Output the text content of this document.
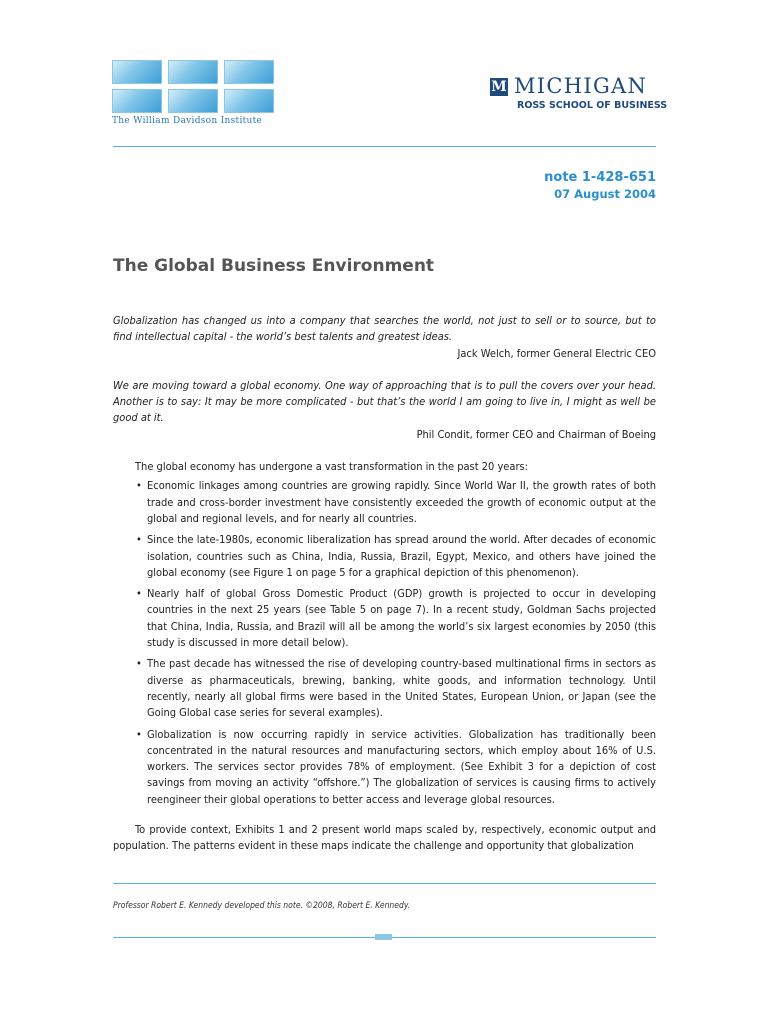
The William Davidson Institute
M MICHIGAN
ROSS SCHOOL OF BUSINESS
note 1-428-651
07 August 2004
The Global Business Environment
Globalization has changed us into a company that searches the world, not just to sell or to source, but to find intellectual capital - the world’s best talents and greatest ideas.
Jack Welch, former General Electric CEO
We are moving toward a global economy. One way of approaching that is to pull the covers over your head. Another is to say: It may be more complicated - but that’s the world I am going to live in, I might as well be good at it.
Phil Condit, former CEO and Chairman of Boeing

The global economy has undergone a vast transformation in the past 20 years:

• Economic linkages among countries are growing rapidly. Since World War II, the growth rates of both trade and cross-border investment have consistently exceeded the growth of economic output at the global and regional levels, and for nearly all countries.
• Since the late-1980s, economic liberalization has spread around the world. After decades of economic isolation, countries such as China, India, Russia, Brazil, Egypt, Mexico, and others have joined the global economy (see Figure 1 on page 5 for a graphical depiction of this phenomenon).
• Nearly half of global Gross Domestic Product (GDP) growth is projected to occur in developing countries in the next 25 years (see Table 5 on page 7). In a recent study, Goldman Sachs projected that China, India, Russia, and Brazil will all be among the world’s six largest economies by 2050 (this study is discussed in more detail below).
• The past decade has witnessed the rise of developing country-based multinational firms in sectors as diverse as pharmaceuticals, brewing, banking, white goods, and information technology. Until recently, nearly all global firms were based in the United States, European Union, or Japan (see the Going Global case series for several examples).
• Globalization is now occurring rapidly in service activities. Globalization has traditionally been concentrated in the natural resources and manufacturing sectors, which employ about 16% of U.S. workers. The services sector provides 78% of employment. (See Exhibit 3 for a depiction of cost savings from moving an activity “offshore.”) The globalization of services is causing firms to actively reengineer their global operations to better access and leverage global resources.

To provide context, Exhibits 1 and 2 present world maps scaled by, respectively, economic output and population. The patterns evident in these maps indicate the challenge and opportunity that globalization

Professor Robert E. Kennedy developed this note. ©2008, Robert E. Kennedy.
